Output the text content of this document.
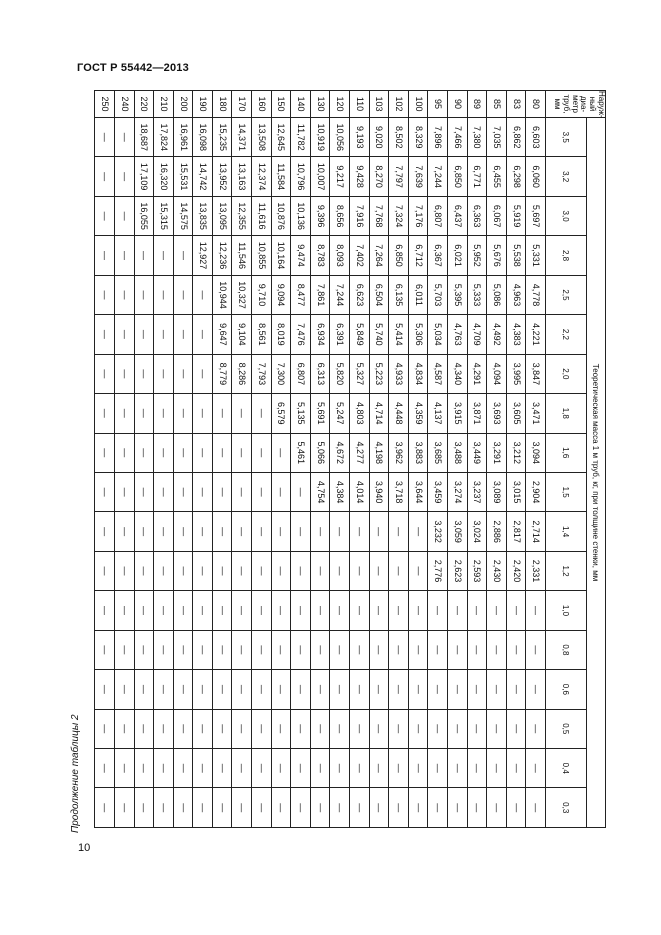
ГОСТ Р 55442—2013
Продолжение таблицы 2
10
Наруж-ный диа-метр труб, мм	Теоретическая масса 1 м труб, кг, при толщине стенки, мм																	
	3,5	3,2	3,0	2,8	2,5	2,2	2,0	1,8	1,6	1,5	1,4	1,2	1,0	0,8	0,6	0,5	0,4	0,3
80	6,603	6,060	5,697	5,331	4,778	4,221	3,847	3,471	3,094	2,904	2,714	2,331	—	—	—	—	—	—
83	6,862	6,298	5,919	5,538	4,963	4,383	3,995	3,605	3,212	3,015	2,817	2,420	—	—	—	—	—	—
85	7,035	6,455	6,067	5,676	5,086	4,492	4,094	3,693	3,291	3,089	2,886	2,430	—	—	—	—	—	—
89	7,380	6,771	6,363	5,952	5,333	4,709	4,291	3,871	3,449	3,237	3,024	2,593	—	—	—	—	—	—
90	7,466	6,850	6,437	6,021	5,395	4,763	4,340	3,915	3,488	3,274	3,059	2,623	—	—	—	—	—	—
95	7,896	7,244	6,807	6,367	5,703	5,034	4,587	4,137	3,685	3,459	3,232	2,776	—	—	—	—	—	—
100	8,329	7,639	7,176	6,712	6,011	5,306	4,834	4,359	3,883	3,644	—	—	—	—	—	—	—	—
102	8,502	7,797	7,324	6,850	6,135	5,414	4,933	4,448	3,962	3,718	—	—	—	—	—	—	—	—
103	9,020	8,270	7,768	7,264	6,504	5,740	5,223	4,714	4,198	3,940	—	—	—	—	—	—	—	—
110	9,193	9,428	7,916	7,402	6,623	5,849	5,327	4,803	4,277	4,014	—	—	—	—	—	—	—	—
120	10,056	9,217	8,656	8,093	7,244	6,391	5,820	5,247	4,672	4,384	—	—	—	—	—	—	—	—
130	10,919	10,007	9,396	8,783	7,861	6,934	6,313	5,691	5,066	4,754	—	—	—	—	—	—	—	—
140	11,782	10,796	10,136	9,474	8,477	7,476	6,807	5,135	5,461	—	—	—	—	—	—	—	—	—
150	12,645	11,584	10,876	10,164	9,094	8,019	7,300	6,579	—	—	—	—	—	—	—	—	—	—
160	13,508	12,374	11,616	10,855	9,710	8,561	7,793	—	—	—	—	—	—	—	—	—	—	—
170	14,371	13,163	12,355	11,546	10,327	9,104	8,286	—	—	—	—	—	—	—	—	—	—	—
180	15,235	13,952	13,095	12,236	10,944	9,647	8,779	—	—	—	—	—	—	—	—	—	—	—
190	16,098	14,742	13,835	12,927	—	—	—	—	—	—	—	—	—	—	—	—	—	—
200	16,961	15,531	14,575	—	—	—	—	—	—	—	—	—	—	—	—	—	—	—
210	17,824	16,320	15,315	—	—	—	—	—	—	—	—	—	—	—	—	—	—	—
220	18,687	17,109	16,055	—	—	—	—	—	—	—	—	—	—	—	—	—	—	—
240	—	—	—	—	—	—	—	—	—	—	—	—	—	—	—	—	—	—
250	—	—	—	—	—	—	—	—	—	—	—	—	—	—	—	—	—	—
